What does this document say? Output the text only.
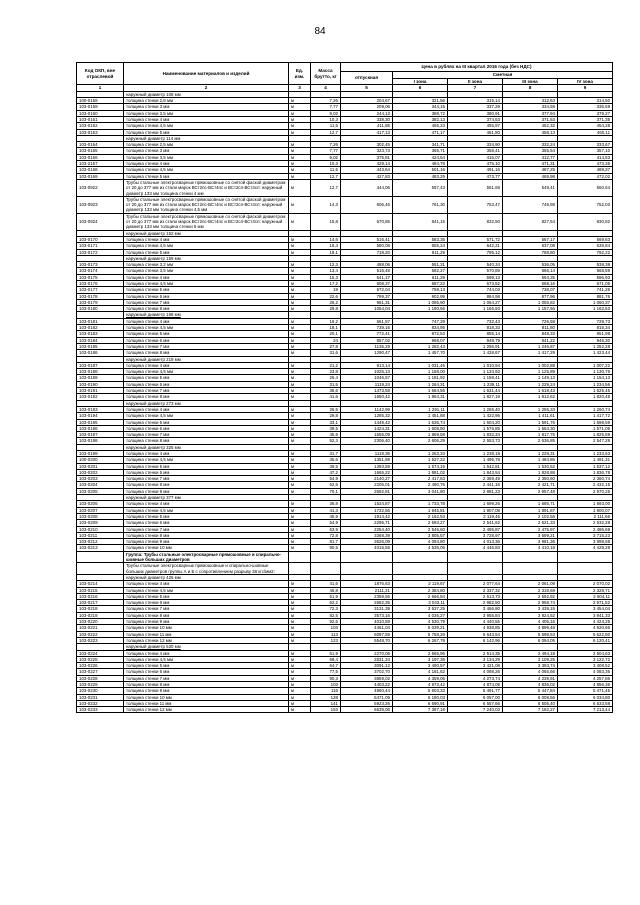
84
Код ОКП, вне отраслевой	Наименование материалов и изделий	Ед. изм.	Масса брутто, кг	Цена в рублях на III квартал 2016 года (без НДС)				
				отпускная	Сметная			
					I зона	II зона	III зона	IV зона
1	2	3	4	5	6	7	8	9
	наружный диаметр 108 мм							
100-0159	толщина стенки 2,8 мм	м	7,26	204,67	321,56	315,14	312,63	314,50
103-0159	толщина стенки 3 мм	м	7,77	209,06	344,15	337,29	334,58	336,59
103-0160	толщина стенки 3,5 мм	м	9,02	244,13	388,72	380,91	377,94	379,27
103-0161	толщина стенки 4 мм	м	10,3	338,30	382,13	374,53	371,53	371,35
103-0162	толщина стенки 4,5 мм	м	11,5	411,85	465,23	455,97	452,32	454,28
103-0163	толщина стенки 5 мм	м	12,7	417,13	471,17	461,80	458,13	460,11
	наружный диаметр 114 мм							
103-0164	толщина стенки 2,5 мм	м	7,26	302,45	341,71	334,90	332,24	333,67
103-0165	толщина стенки 3 мм	м	7,77	323,73	365,71	358,41	355,54	357,10
103-0166	толщина стенки 3,5 мм	м	9,02	375,81	424,54	416,07	412,77	414,53
103-2167	толщина стенки 4 мм	м	10,3	429,14	484,78	475,10	471,31	473,35
103-0168	толщина стенки 4,5 мм	м	11,5	443,64	501,16	491,16	487,25	489,37
103-0169	толщина стенки 5 мм	м	12,7	427,83	483,29	473,77	469,98	472,02
103-0922	Трубы стальные электросварные прямошовные со снятой фаской диаметром от 20 до 377 мм из стали марок ВСт2пс-ВСт4пс и ВСт2сп-ВСт4сп: наружный диаметр 133 мм толщина стенки 4 мм	м	12,7	444,06	557,43	551,69	549,41	550,64
103-0923	Трубы стальные электросварные прямошовные со снятой фаской диаметром от 20 до 377 мм из стали марок ВСт2пс-ВСт4пс и ВСт2сп-ВСт4сп: наружный диаметр 133 мм толщина стенки 4,5 мм	м	14,3	606,46	761,30	753,47	749,98	752,03
103-0924	Трубы стальные электросварные прямошовные со снятой фаской диаметром от 20 до 377 мм из стали марок ВСт2пс-ВСт4пс и ВСт2сп-ВСт4сп: наружный диаметр 133 мм толщина стенки 5 мм	м	15,8	670,85	841,15	832,50	827,54	830,82
	наружный диаметр 152 мм							
103-0170	толщина стенки 4 мм	м	14,6	516,41	583,35	571,72	567,17	569,63
103-0171	толщина стенки 4,5 мм	м	16,4	580,08	655,24	642,21	637,08	639,84
103-0172	толщина стенки 5 мм	м	18,1	718,20	811,29	795,12	788,80	792,22
	наружный диаметр 159 мм							
103-0173	толщина стенки 3,2 мм	м	12,3	488,06	551,31	540,34	536,05	538,38
103-0174	толщина стенки 3,5 мм	м	13,4	515,48	582,27	570,69	566,14	568,59
103-0175	толщина стенки 4 мм	м	15,3	541,17	611,29	599,13	594,35	596,93
103-0176	толщина стенки 4,5 мм	м	17,2	608,37	687,22	673,52	668,16	671,05
103-0177	толщина стенки 5 мм	м	19	672,04	759,13	744,03	738,07	741,26
103-0178	толщина стенки 6 мм	м	22,6	799,37	902,99	884,98	877,96	881,76
103-0179	толщина стенки 7 мм	м	26,2	961,31	1 085,90	1 064,27	1 055,82	1 060,37
103-0180	толщина стенки 8 мм	м	29,8	1054,04	1 190,66	1 166,93	1 157,66	1 162,63
	наружный диаметр 168 мм							
103-0181	толщина стенки 4 мм	м	16,2	661,57	747,29	732,43	726,58	729,73
103-0182	толщина стенки 4,5 мм	м	18,1	739,16	834,95	818,33	811,80	815,34
103-0183	толщина стенки 5 мм	м	20,1	772,41	872,53	855,14	848,33	851,98
103-0184	толщина стенки 6 мм	м	24	857,02	968,07	948,79	941,22	945,30
103-0185	толщина стенки 7 мм	м	27,8	1135,29	1 282,43	1 256,91	1 246,87	1 252,28
103-0186	толщина стенки 8 мм	м	31,6	1290,47	1 457,70	1 428,67	1 417,29	1 423,44
	наружный диаметр 219 мм							
103-0187	толщина стенки 4 мм	м	21,2	913,14	1 031,46	1 010,94	1 002,88	1 007,22
103-0188	толщина стенки 4,5 мм	м	23,8	1025,13	1 158,00	1 134,93	1 125,89	1 130,76
103-0189	толщина стенки 5 мм	м	26,4	1046,57	1 181,92	1 158,41	1 149,13	1 154,13
103-0190	толщина стенки 6 мм	м	31,5	1119,24	1 264,31	1 239,11	1 229,24	1 234,56
103-0191	толщина стенки 7 мм	м	36,6	1473,58	1 664,56	1 631,44	1 618,43	1 625,45
103-0192	толщина стенки 8 мм	м	41,6	1650,42	1 864,31	1 827,19	1 812,62	1 820,48
	наружный диаметр 273 мм							
103-0193	толщина стенки 4 мм	м	26,5	1142,99	1 291,11	1 265,40	1 255,33	1 260,74
103-0194	толщина стенки 4,5 мм	м	29,8	1285,32	1 451,88	1 422,96	1 411,61	1 417,72
103-0195	толщина стенки 5 мм	м	33,1	1449,42	1 636,74	1 604,20	1 591,76	1 598,59
103-0196	толщина стенки 6 мм	м	39,5	1424,31	1 608,90	1 576,85	1 564,30	1 571,05
103-0197	толщина стенки 7 мм	м	45,9	1655,09	1 869,58	1 832,34	1 817,75	1 825,59
103-0198	толщина стенки 8 мм	м	52,3	2306,40	2 606,29	2 553,73	2 536,85	2 547,28
	наружный диаметр 325 мм							
103-0199	толщина стенки 4 мм	м	31,7	1118,35	1 263,33	1 238,18	1 228,31	1 233,63
100-0200	толщина стенки 4,5 мм	м	35,6	1351,89	1 527,22	1 496,78	1 484,86	1 491,31
103-0201	толщина стенки 5 мм	м	39,5	1393,59	1 574,16	1 542,81	1 530,52	1 537,12
103-0202	толщина стенки 6 мм	м	47,2	1665,22	1 881,02	1 843,54	1 828,88	1 836,78
103-0203	толщина стенки 7 мм	м	54,9	2140,27	2 417,63	2 369,49	2 350,60	2 360,74
103-0204	толщина стенки 8 мм	м	62,5	2205,01	2 490,76	2 441,16	2 421,71	2 432,15
103-0205	толщина стенки 9 мм	м	70,1	2692,81	3 041,80	2 981,23	2 957,48	2 970,25
	наружный диаметр 377 мм							
103-0206	толщина стенки 4 мм	м	36,8	1534,87	1 733,78	1 699,26	1 685,71	1 693,00
103-0207	толщина стенки 4,5 мм	м	41,3	1722,56	1 945,81	1 907,08	1 891,87	1 900,07
103-0208	толщина стенки 5 мм	м	45,9	1914,42	2 162,53	2 119,45	2 102,58	2 111,66
103-0209	толщина стенки 6 мм	м	54,9	2295,71	2 593,27	2 541,62	2 521,33	2 532,28
103-0210	толщина стенки 7 мм	м	63,9	2254,40	2 546,60	2 495,87	2 475,97	2 486,69
103-0211	толщина стенки 8 мм	м	72,8	3368,39	3 805,57	3 728,97	3 699,21	3 715,23
103-0212	толщина стенки 9 мм	м	81,7	3626,09	4 094,80	4 013,36	3 981,36	3 998,58
103-0213	толщина стенки 10 мм	м	90,5	4015,55	4 535,05	4 445,83	4 410,18	4 429,28
	Группа: Трубы стальные электросварные прямошовные и спирально-шовные больших диаметров							
	Трубы стальные электросварные прямошовные и спирально-шовные больших диаметров группы А и Б с сопротивлением разрыву 38 кгс/мм2:							
	наружный диаметр 426 мм							
103-0214	толщина стенки 4 мм	м	41,6	1876,63	2 119,87	2 077,64	2 061,09	2 070,02
103-0215	толщина стенки 4,5 мм	м	46,8	2111,21	2 384,80	2 337,32	2 318,69	2 328,71
103-0216	толщина стенки 5 мм	м	51,9	2359,56	2 666,84	2 613,73	2 592,92	2 604,11
103-0217	толщина стенки 6 мм	м	62,2	2682,35	3 043,11	2 982,50	2 958,74	2 971,52
103-0218	толщина стенки 7 мм	м	72,3	3131,39	3 537,25	3 466,80	3 439,15	3 454,04
103-0219	толщина стенки 8 мм	м	82,5	3573,16	4 036,27	3 955,84	3 924,52	3 941,33
103-0220	толщина стенки 9 мм	м	92,6	4010,59	4 530,79	4 440,55	4 405,16	4 424,25
103-0221	толщина стенки 10 мм	м	103	4461,04	5 039,21	4 938,85	4 899,48	4 920,66
103-0222	толщина стенки 11 мм	м	113	5097,59	5 758,26	5 643,54	5 598,53	5 622,80
103-0223	толщина стенки 12 мм	м	123	5548,70	6 267,79	6 142,96	6 094,05	6 120,41
	наружный диаметр 530 мм							
103-0224	толщина стенки 4 мм	м	51,9	2270,06	2 565,95	2 514,35	2 494,18	2 504,63
103-0225	толщина стенки 4,5 мм	м	58,4	2831,34	3 197,36	3 134,29	3 109,25	3 122,72
103-0226	толщина стенки 5 мм	м	64,7	3091,12	3 490,57	3 421,08	3 393,74	3 408,52
103-0227	толщина стенки 6 мм	м	77,5	3702,70	4 181,62	4 098,26	4 065,66	4 083,36
103-0228	толщина стенки 7 мм	м	90,3	3859,02	4 359,06	4 273,74	4 239,91	4 257,86
103-0229	толщина стенки 8 мм	м	103	4403,22	4 973,42	4 874,09	4 836,02	4 856,36
103-0230	толщина стенки 9 мм	м	116	4960,44	5 603,33	5 491,77	5 447,84	5 471,45
103-0231	толщина стенки 10 мм	м	128	5471,09	6 180,03	6 057,00	6 008,56	6 034,80
103-0232	толщина стенки 11 мм	м	141	5923,26	6 690,91	6 557,66	6 505,40	6 533,58
103-0233	толщина стенки 12 мм	м	153	6539,06	7 387,19	7 240,03	7 182,27	7 213,44
